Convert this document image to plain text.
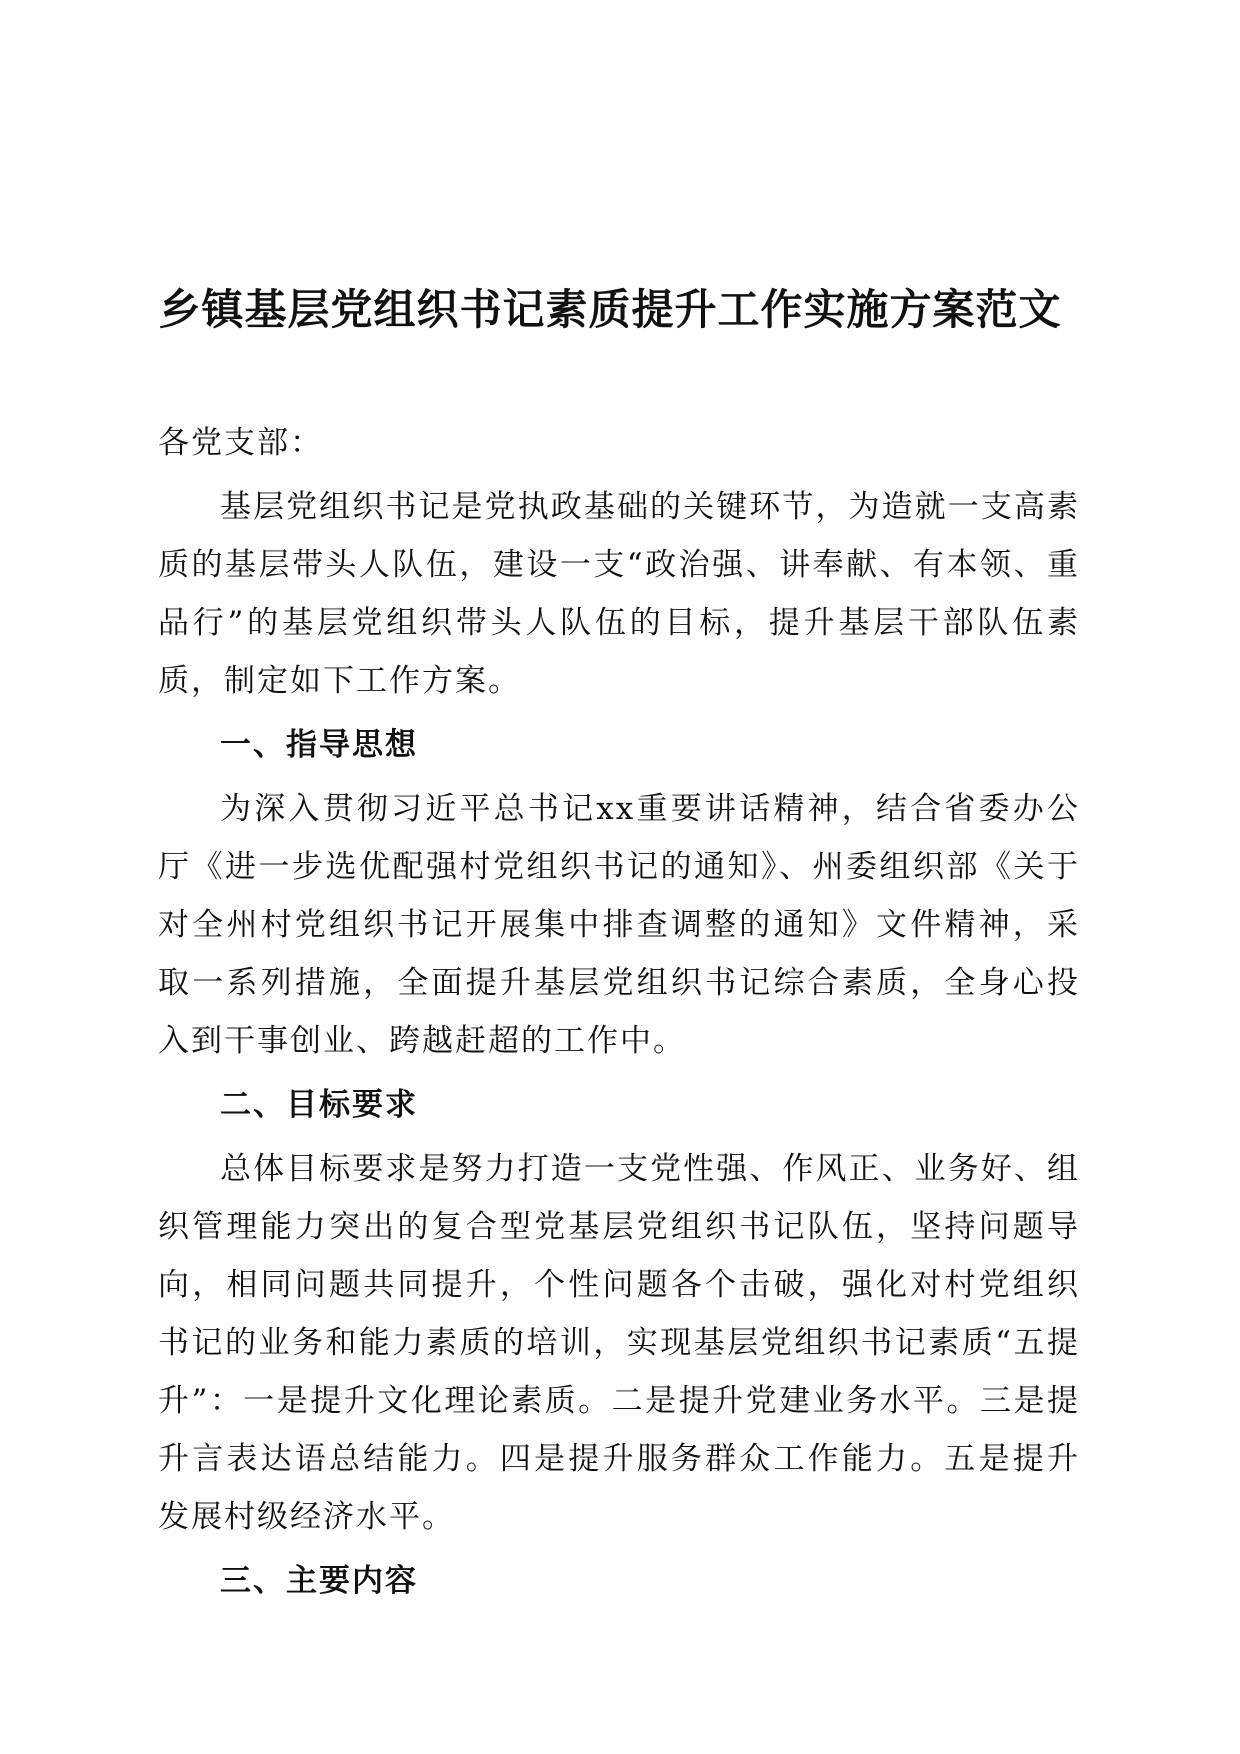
乡镇基层党组织书记素质提升工作实施方案范文

各党支部：

基层党组织书记是党执政基础的关键环节，为造就一支高素质的基层带头人队伍，建设一支“政治强、讲奉献、有本领、重品行”的基层党组织带头人队伍的目标，提升基层干部队伍素质，制定如下工作方案。

一、指导思想

为深入贯彻习近平总书记xx重要讲话精神，结合省委办公厅《进一步选优配强村党组织书记的通知》、州委组织部《关于对全州村党组织书记开展集中排查调整的通知》文件精神，采取一系列措施，全面提升基层党组织书记综合素质，全身心投入到干事创业、跨越赶超的工作中。

二、目标要求

总体目标要求是努力打造一支党性强、作风正、业务好、组织管理能力突出的复合型党基层党组织书记队伍，坚持问题导向，相同问题共同提升，个性问题各个击破，强化对村党组织书记的业务和能力素质的培训，实现基层党组织书记素质“五提升”：一是提升文化理论素质。二是提升党建业务水平。三是提升言表达语总结能力。四是提升服务群众工作能力。五是提升发展村级经济水平。

三、主要内容
